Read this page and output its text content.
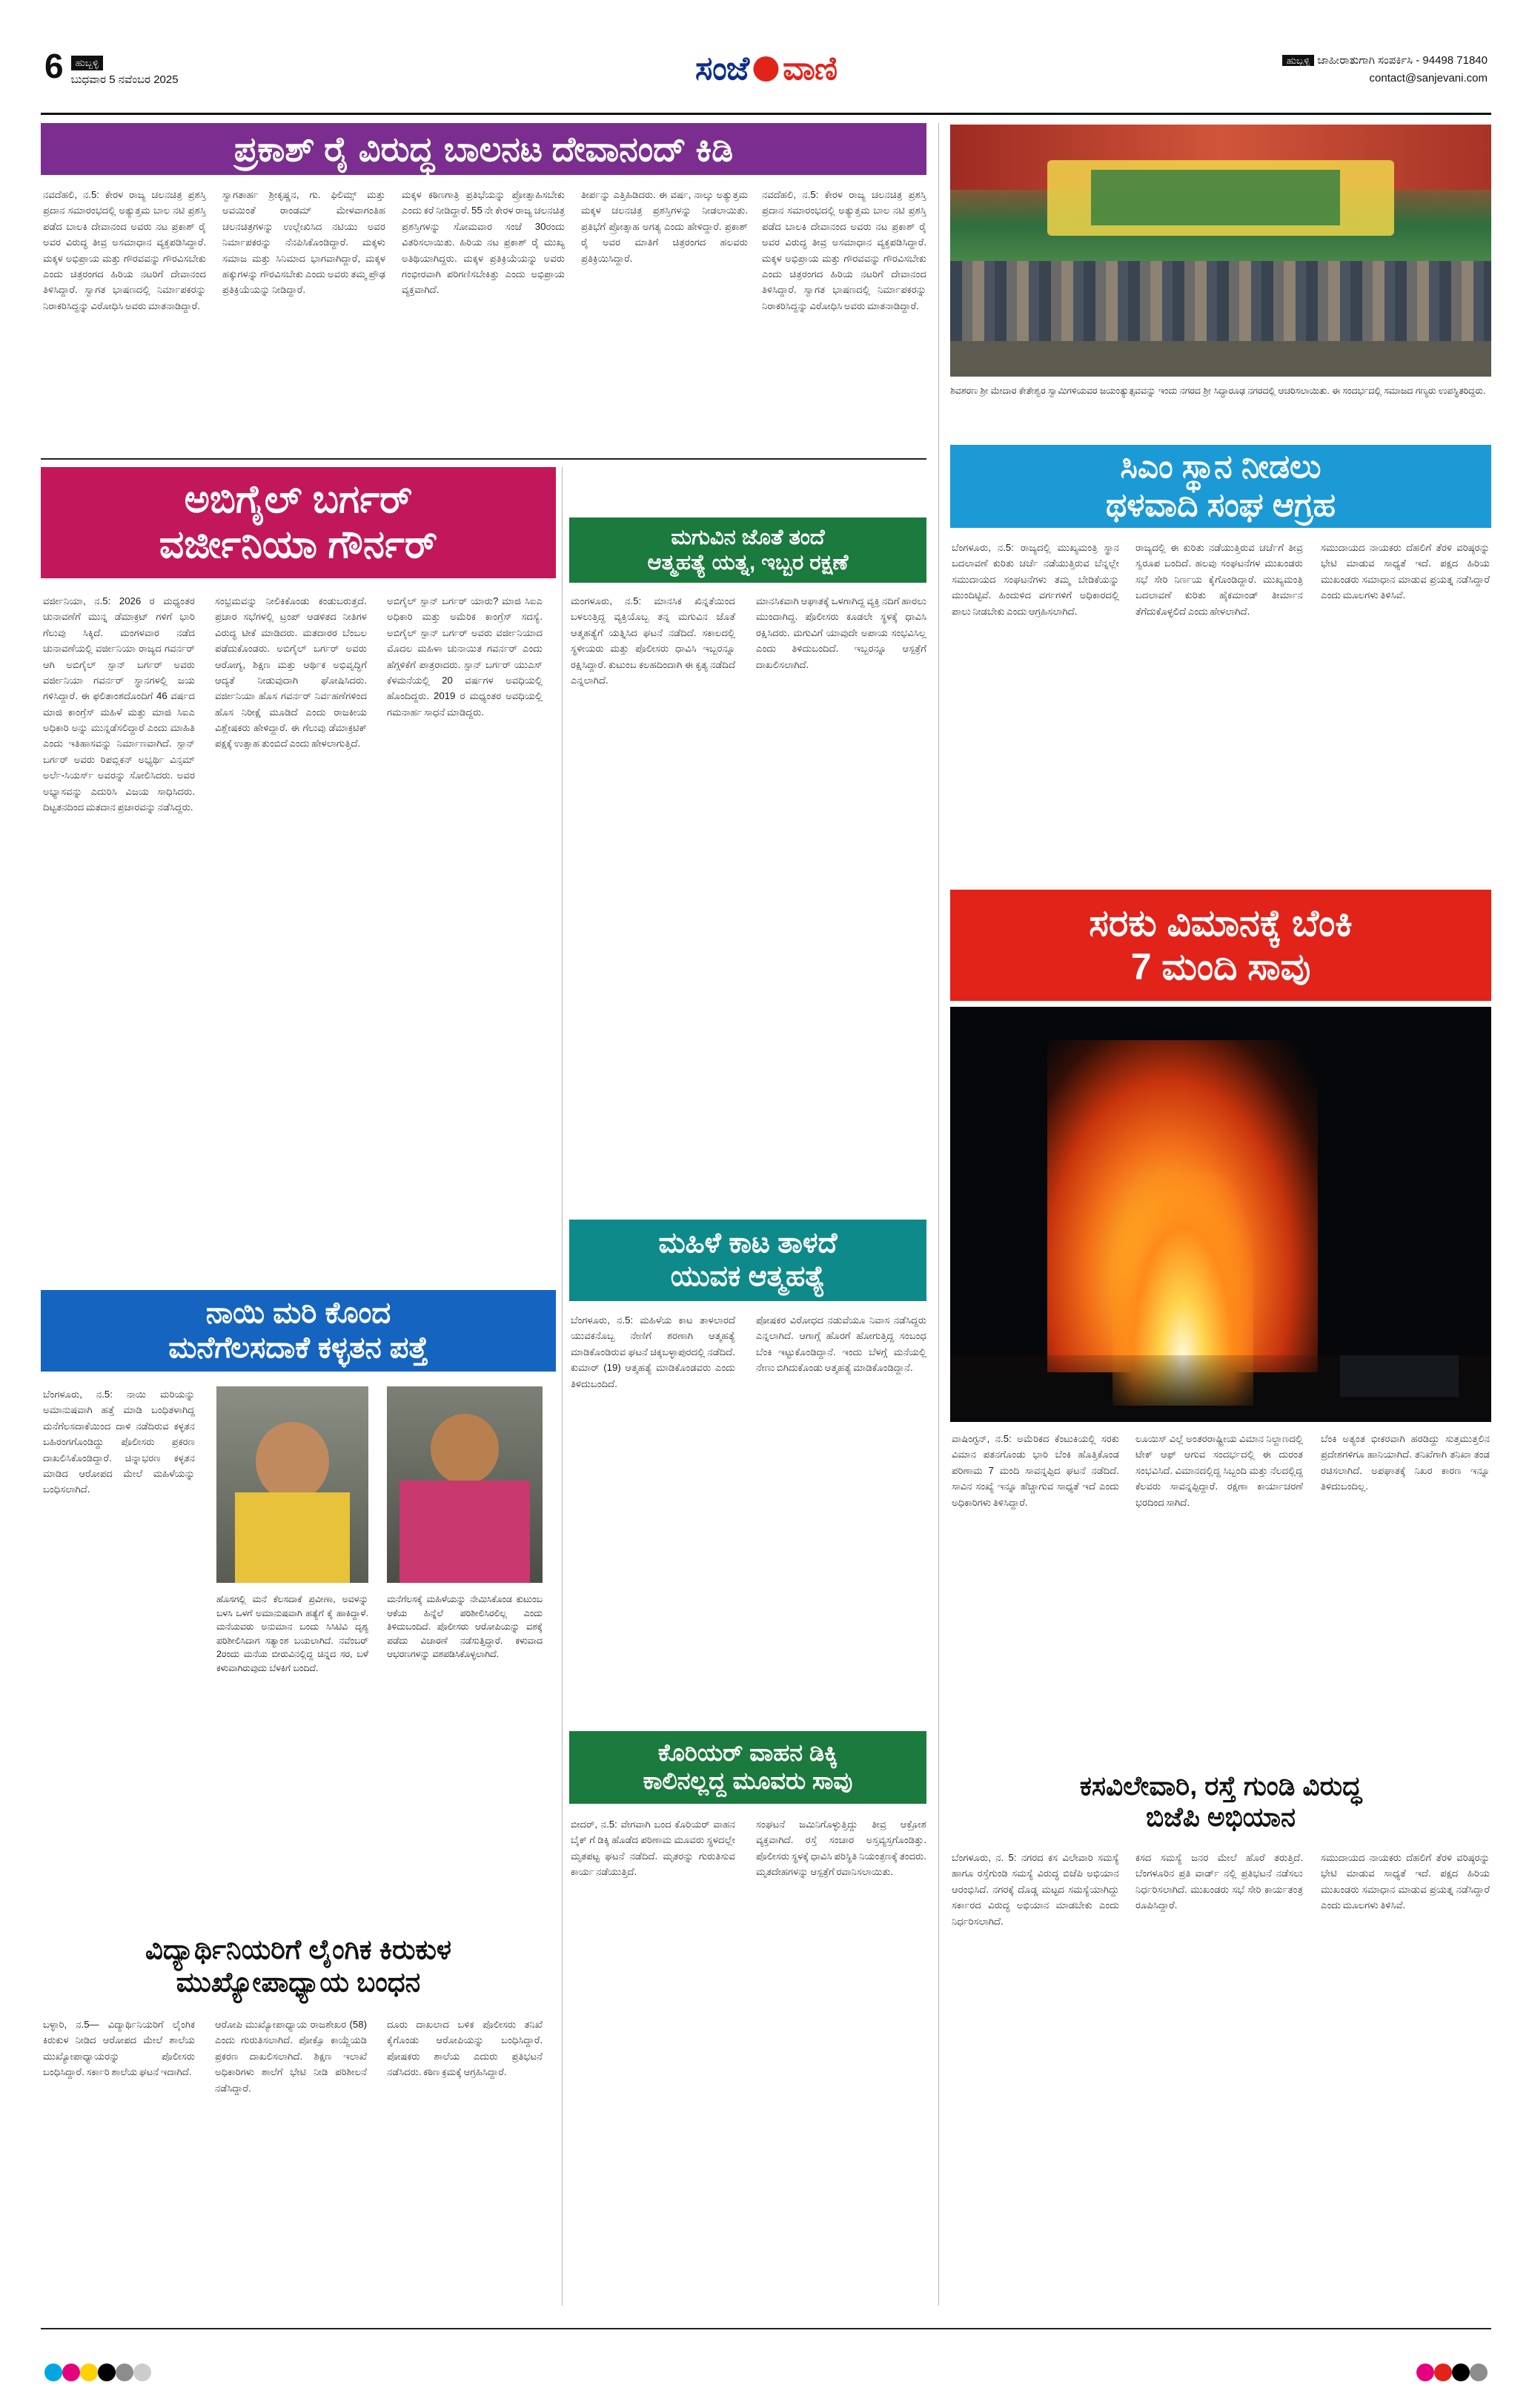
6	ಹುಬ್ಬಳ್ಳಿ
ಬುಧವಾರ 5 ನವೆಂಬರ 2025	ಸಂಜೆ ವಾಣಿ	ಹುಬ್ಬಳ್ಳಿ ಜಾಹೀರಾತುಗಾಗಿ ಸಂಪರ್ಕಿಸಿ - 94498 71840
contact@sanjevani.com
ಪ್ರಕಾಶ್ ರೈ ವಿರುದ್ಧ ಬಾಲನಟ ದೇವಾನಂದ್ ಕಿಡಿ
ನವದೆಹಲಿ, ನ.5: ಕೇರಳ ರಾಜ್ಯ ಚಲನಚಿತ್ರ ಪ್ರಶಸ್ತಿ ಪ್ರದಾನ ಸಮಾರಂಭದಲ್ಲಿ ಅತ್ಯುತ್ತಮ ಬಾಲ ನಟಿ ಪ್ರಶಸ್ತಿ ಪಡೆದ ಬಾಲಕಿ ದೇವಾನಂದ ಅವರು ನಟ ಪ್ರಕಾಶ್ ರೈ ಅವರ ವಿರುದ್ಧ ತೀವ್ರ ಅಸಮಾಧಾನ ವ್ಯಕ್ತಪಡಿಸಿದ್ದಾರೆ. ಮಕ್ಕಳ ಅಭಿಪ್ರಾಯ ಮತ್ತು ಗೌರವವನ್ನು ಗೌರವಿಸಬೇಕು ಎಂದು ಚಿತ್ರರಂಗದ ಹಿರಿಯ ನಟರಿಗೆ ದೇವಾನಂದ ತಿಳಿಸಿದ್ದಾರೆ. ಸ್ವಾಗತ ಭಾಷಣದಲ್ಲಿ ನಿರ್ಮಾಪಕರನ್ನು ನಿರಾಕರಿಸಿದ್ದನ್ನು ವಿರೋಧಿಸಿ ಅವರು ಮಾತನಾಡಿದ್ದಾರೆ.
ಸ್ವಾಗತಾರ್ಹ ಶ್ರೀಕೃಷ್ಣನ, ಗು. ಫಿಲಿಮ್ಸ್ ಮತ್ತು ಅವಯಿಂತೆ ರಾಂಡಮ್ ಮೇಳವಾಗಂತಿಹ ಚಲನಚಿತ್ರಗಳನ್ನು ಉಲ್ಲೇಖಿಸಿದ ನಟಿಯು ಅವರ ನಿರ್ಮಾಪಕರನ್ನು ನೆನಪಿಸಿಕೊಂಡಿದ್ದಾರೆ. ಮಕ್ಕಳು ಸಮಾಜ ಮತ್ತು ಸಿನಿಮಾದ ಭಾಗವಾಗಿದ್ದಾರೆ, ಮಕ್ಕಳ ಹಕ್ಕುಗಳನ್ನು ಗೌರವಿಸಬೇಕು ಎಂದು ಅವರು ತಮ್ಮ ಪ್ರೌಢ ಪ್ರತಿಕ್ರಿಯೆಯನ್ನು ನೀಡಿದ್ದಾರೆ.
ಮಕ್ಕಳ ಕಠಿಣಗಾತ್ರಿ ಪ್ರತಿಭೆಯನ್ನು ಪ್ರೋತ್ಸಾಹಿಸಬೇಕು ಎಂದು ಕರೆ ನೀಡಿದ್ದಾರೆ. 55 ನೇ ಕೇರಳ ರಾಜ್ಯ ಚಲನಚಿತ್ರ ಪ್ರಶಸ್ತಿಗಳನ್ನು ಸೋಮವಾರ ಸಂಜೆ 30ರಂದು ವಿತರಿಸಲಾಯಿತು. ಹಿರಿಯ ನಟ ಪ್ರಕಾಶ್ ರೈ ಮುಖ್ಯ ಅತಿಥಿಯಾಗಿದ್ದರು. ಮಕ್ಕಳ ಪ್ರತಿಕ್ರಿಯೆಯನ್ನು ಅವರು ಗಂಭೀರವಾಗಿ ಪರಿಗಣಿಸಬೇಕಿತ್ತು ಎಂದು ಅಭಿಪ್ರಾಯ ವ್ಯಕ್ತವಾಗಿದೆ.
ತೀರ್ಪನ್ನು ಎತ್ತಿಹಿಡಿದರು. ಈ ವರ್ಷ, ನಾಲ್ಕು ಅತ್ಯುತ್ತಮ ಮಕ್ಕಳ ಚಲನಚಿತ್ರ ಪ್ರಶಸ್ತಿಗಳನ್ನು ನೀಡಲಾಯಿತು. ಪ್ರತಿಭೆಗೆ ಪ್ರೋತ್ಸಾಹ ಅಗತ್ಯ ಎಂದು ಹೇಳಿದ್ದಾರೆ. ಪ್ರಕಾಶ್ ರೈ ಅವರ ಮಾತಿಗೆ ಚಿತ್ರರಂಗದ ಹಲವರು ಪ್ರತಿಕ್ರಿಯಿಸಿದ್ದಾರೆ.
ನವದೆಹಲಿ, ನ.5: ಕೇರಳ ರಾಜ್ಯ ಚಲನಚಿತ್ರ ಪ್ರಶಸ್ತಿ ಪ್ರದಾನ ಸಮಾರಂಭದಲ್ಲಿ ಅತ್ಯುತ್ತಮ ಬಾಲ ನಟಿ ಪ್ರಶಸ್ತಿ ಪಡೆದ ಬಾಲಕಿ ದೇವಾನಂದ ಅವರು ನಟ ಪ್ರಕಾಶ್ ರೈ ಅವರ ವಿರುದ್ಧ ತೀವ್ರ ಅಸಮಾಧಾನ ವ್ಯಕ್ತಪಡಿಸಿದ್ದಾರೆ. ಮಕ್ಕಳ ಅಭಿಪ್ರಾಯ ಮತ್ತು ಗೌರವವನ್ನು ಗೌರವಿಸಬೇಕು ಎಂದು ಚಿತ್ರರಂಗದ ಹಿರಿಯ ನಟರಿಗೆ ದೇವಾನಂದ ತಿಳಿಸಿದ್ದಾರೆ. ಸ್ವಾಗತ ಭಾಷಣದಲ್ಲಿ ನಿರ್ಮಾಪಕರನ್ನು ನಿರಾಕರಿಸಿದ್ದನ್ನು ವಿರೋಧಿಸಿ ಅವರು ಮಾತನಾಡಿದ್ದಾರೆ.
ಶಿವಶರಣ ಶ್ರೀ ಮೇದಾರ ಕೇತೇಶ್ವರ ಸ್ವಾಮಿಗಳಿಯವರ ಜಯಂತ್ಯುತ್ಸವವನ್ನು ಇಂದು ನಗರದ ಶ್ರೀ ಸಿದ್ಧಾರೂಢ ನಗರದಲ್ಲಿ ಆಚರಿಸಲಾಯಿತು. ಈ ಸಂದರ್ಭದಲ್ಲಿ ಸಮಾಜದ ಗಣ್ಯರು ಉಪಸ್ಥಿತರಿದ್ದರು.
ಅಬಿಗೈಲ್ ಬರ್ಗರ್
ವರ್ಜೀನಿಯಾ ಗೌರ್ನರ್
ವರ್ಜೀನಿಯಾ, ನ.5: 2026 ರ ಮಧ್ಯಂತರ ಚುನಾವಣೆಗೆ ಮುನ್ನ ಡೆಮಾಕ್ರಟ್ ಗಳಿಗೆ ಭಾರಿ ಗೆಲುವು ಸಿಕ್ಕಿದೆ. ಮಂಗಳವಾರ ನಡೆದ ಚುನಾವಣೆಯಲ್ಲಿ ವರ್ಜೀನಿಯಾ ರಾಜ್ಯದ ಗವರ್ನರ್ ಆಗಿ ಅಬಿಗೈಲ್ ಸ್ಪಾನ್ ಬರ್ಗರ್ ಅವರು ವರ್ಜೀನಿಯಾ ಗವರ್ನರ್ ಸ್ಥಾನಗಳಲ್ಲಿ ಜಯ ಗಳಿಸಿದ್ದಾರೆ. ಈ ಫಲಿತಾಂಶದೊಂದಿಗೆ 46 ವರ್ಷದ ಮಾಜಿ ಕಾಂಗ್ರೆಸ್ ಮಹಿಳೆ ಮತ್ತು ಮಾಜಿ ಸಿಐಎ ಅಧಿಕಾರಿ ಅನ್ನು ಮುನ್ನಡೆಸಲಿದ್ದಾರೆ ಎಂದು ಮಾಹಿತಿ ಎಂದು ಇತಿಹಾಸವನ್ನು ನಿರ್ಮಾಣವಾಗಿದೆ. ಸ್ಪಾನ್ ಬರ್ಗರ್ ಅವರು ರಿಪಬ್ಲಿಕನ್ ಅಭ್ಯರ್ಥಿ ವಿನ್ಸಮ್ ಅರ್ಲೆ-ಸಿಯರ್ಸ್ ಅವರನ್ನು ಸೋಲಿಸಿದರು. ಅವರ ಅಭ್ಯಾಸವನ್ನು ಎದುರಿಸಿ ವಿಜಯ ಸಾಧಿಸಿದರು. ದಿಟ್ಟತನದಿಂದ ಮತದಾನ ಪ್ರಚಾರವನ್ನು ನಡೆಸಿದ್ದರು.
ಸಂಭ್ರಮವನ್ನು ನೀಲಿಕಿಕೊಂಡು ಕಂಡುಬರುತ್ತದೆ. ಪ್ರಚಾರ ಸಭೆಗಳಲ್ಲಿ ಟ್ರಂಪ್ ಆಡಳಿತದ ನೀತಿಗಳ ವಿರುದ್ಧ ಟೀಕೆ ಮಾಡಿದರು. ಮತದಾರರ ಬೆಂಬಲ ಪಡೆದುಕೊಂಡರು. ಅಬಿಗೈಲ್ ಬರ್ಗರ್ ಅವರು ಆರೋಗ್ಯ, ಶಿಕ್ಷಣ ಮತ್ತು ಆರ್ಥಿಕ ಅಭಿವೃದ್ಧಿಗೆ ಆದ್ಯತೆ ನೀಡುವುದಾಗಿ ಘೋಷಿಸಿದರು. ವರ್ಜೀನಿಯಾ ಹೊಸ ಗವರ್ನರ್ ನಿರ್ವಹಣೆಗಳಿಂದ ಹೊಸ ನಿರೀಕ್ಷೆ ಮೂಡಿದೆ ಎಂದು ರಾಜಕೀಯ ವಿಶ್ಲೇಷಕರು ಹೇಳಿದ್ದಾರೆ. ಈ ಗೆಲುವು ಡೆಮಾಕ್ರಟಿಕ್ ಪಕ್ಷಕ್ಕೆ ಉತ್ಸಾಹ ತುಂಬಿದೆ ಎಂದು ಹೇಳಲಾಗುತ್ತಿದೆ.
ಅಬಿಗೈಲ್ ಸ್ಪಾನ್ ಬರ್ಗರ್ ಯಾರು? ಮಾಜಿ ಸಿಐಎ ಅಧಿಕಾರಿ ಮತ್ತು ಅಮೆರಿಕ ಕಾಂಗ್ರೆಸ್ ಸದಸ್ಯೆ. ಅಬಿಗೈಲ್ ಸ್ಪಾನ್ ಬರ್ಗರ್ ಅವರು ವರ್ಜೀನಿಯಾದ ಮೊದಲ ಮಹಿಳಾ ಚುನಾಯಿತ ಗವರ್ನರ್ ಎಂದು ಹೆಗ್ಗಳಿಕೆಗೆ ಪಾತ್ರರಾದರು. ಸ್ಪಾನ್ ಬರ್ಗರ್ ಯುಎಸ್ ಕೆಳಮನೆಯಲ್ಲಿ 20 ವರ್ಷಗಳ ಅವಧಿಯಲ್ಲಿ ಹೊಂದಿದ್ದರು. 2019 ರ ಮಧ್ಯಂತರ ಅವಧಿಯಲ್ಲಿ ಗಮನಾರ್ಹ ಸಾಧನೆ ಮಾಡಿದ್ದರು.
ಮಗುವಿನ ಜೊತೆ ತಂದೆ
ಆತ್ಮಹತ್ಯೆ ಯತ್ನ, ಇಬ್ಬರ ರಕ್ಷಣೆ
ಮಂಗಳೂರು, ನ.5: ಮಾನಸಿಕ ಖಿನ್ನತೆಯಿಂದ ಬಳಲುತ್ತಿದ್ದ ವ್ಯಕ್ತಿಯೊಬ್ಬ ತನ್ನ ಮಗುವಿನ ಜೊತೆ ಆತ್ಮಹತ್ಯೆಗೆ ಯತ್ನಿಸಿದ ಘಟನೆ ನಡೆದಿದೆ. ಸಕಾಲದಲ್ಲಿ ಸ್ಥಳೀಯರು ಮತ್ತು ಪೊಲೀಸರು ಧಾವಿಸಿ ಇಬ್ಬರನ್ನೂ ರಕ್ಷಿಸಿದ್ದಾರೆ. ಕುಟುಂಬ ಕಲಹದಿಂದಾಗಿ ಈ ಕೃತ್ಯ ನಡೆದಿದೆ ಎನ್ನಲಾಗಿದೆ.
ಮಾನಸಿಕವಾಗಿ ಆಘಾತಕ್ಕೆ ಒಳಗಾಗಿದ್ದ ವ್ಯಕ್ತಿ ನದಿಗೆ ಹಾರಲು ಮುಂದಾಗಿದ್ದ. ಪೊಲೀಸರು ಕೂಡಲೇ ಸ್ಥಳಕ್ಕೆ ಧಾವಿಸಿ ರಕ್ಷಿಸಿದರು. ಮಗುವಿಗೆ ಯಾವುದೇ ಅಪಾಯ ಸಂಭವಿಸಿಲ್ಲ ಎಂದು ತಿಳಿದುಬಂದಿದೆ. ಇಬ್ಬರನ್ನೂ ಆಸ್ಪತ್ರೆಗೆ ದಾಖಲಿಸಲಾಗಿದೆ.
ಸಿಎಂ ಸ್ಥಾನ ನೀಡಲು
ಥಳವಾದಿ ಸಂಘ ಆಗ್ರಹ
ಬೆಂಗಳೂರು, ನ.5: ರಾಜ್ಯದಲ್ಲಿ ಮುಖ್ಯಮಂತ್ರಿ ಸ್ಥಾನ ಬದಲಾವಣೆ ಕುರಿತು ಚರ್ಚೆ ನಡೆಯುತ್ತಿರುವ ಬೆನ್ನಲ್ಲೇ ಸಮುದಾಯದ ಸಂಘಟನೆಗಳು ತಮ್ಮ ಬೇಡಿಕೆಯನ್ನು ಮುಂದಿಟ್ಟಿವೆ. ಹಿಂದುಳಿದ ವರ್ಗಗಳಿಗೆ ಅಧಿಕಾರದಲ್ಲಿ ಪಾಲು ನೀಡಬೇಕು ಎಂದು ಆಗ್ರಹಿಸಲಾಗಿದೆ.
ರಾಜ್ಯದಲ್ಲಿ ಈ ಕುರಿತು ನಡೆಯುತ್ತಿರುವ ಚರ್ಚೆಗೆ ತೀವ್ರ ಸ್ವರೂಪ ಬಂದಿದೆ. ಹಲವು ಸಂಘಟನೆಗಳ ಮುಖಂಡರು ಸಭೆ ಸೇರಿ ನಿರ್ಣಯ ಕೈಗೊಂಡಿದ್ದಾರೆ. ಮುಖ್ಯಮಂತ್ರಿ ಬದಲಾವಣೆ ಕುರಿತು ಹೈಕಮಾಂಡ್ ತೀರ್ಮಾನ ತೆಗೆದುಕೊಳ್ಳಲಿದೆ ಎಂದು ಹೇಳಲಾಗಿದೆ.
ಸಮುದಾಯದ ನಾಯಕರು ದೆಹಲಿಗೆ ತೆರಳಿ ವರಿಷ್ಠರನ್ನು ಭೇಟಿ ಮಾಡುವ ಸಾಧ್ಯತೆ ಇದೆ. ಪಕ್ಷದ ಹಿರಿಯ ಮುಖಂಡರು ಸಮಾಧಾನ ಮಾಡುವ ಪ್ರಯತ್ನ ನಡೆಸಿದ್ದಾರೆ ಎಂದು ಮೂಲಗಳು ತಿಳಿಸಿವೆ.
ಸರಕು ವಿಮಾನಕ್ಕೆ ಬೆಂಕಿ
7 ಮಂದಿ ಸಾವು
ವಾಷಿಂಗ್ಟನ್, ನ.5: ಅಮೆರಿಕದ ಕೆಂಟುಕಿಯಲ್ಲಿ ಸರಕು ವಿಮಾನ ಪತನಗೊಂಡು ಭಾರಿ ಬೆಂಕಿ ಹೊತ್ತಿಕೊಂಡ ಪರಿಣಾಮ 7 ಮಂದಿ ಸಾವನ್ನಪ್ಪಿದ ಘಟನೆ ನಡೆದಿದೆ. ಸಾವಿನ ಸಂಖ್ಯೆ ಇನ್ನೂ ಹೆಚ್ಚಾಗುವ ಸಾಧ್ಯತೆ ಇದೆ ಎಂದು ಅಧಿಕಾರಿಗಳು ತಿಳಿಸಿದ್ದಾರೆ.
ಲೂಯಿಸ್ ವಿಲ್ಲೆ ಅಂತರರಾಷ್ಟ್ರೀಯ ವಿಮಾನ ನಿಲ್ದಾಣದಲ್ಲಿ ಟೇಕ್ ಆಫ್ ಆಗುವ ಸಂದರ್ಭದಲ್ಲಿ ಈ ದುರಂತ ಸಂಭವಿಸಿದೆ. ವಿಮಾನದಲ್ಲಿದ್ದ ಸಿಬ್ಬಂದಿ ಮತ್ತು ನೆಲದಲ್ಲಿದ್ದ ಕೆಲವರು ಸಾವನ್ನಪ್ಪಿದ್ದಾರೆ. ರಕ್ಷಣಾ ಕಾರ್ಯಾಚರಣೆ ಭರದಿಂದ ಸಾಗಿದೆ.
ಬೆಂಕಿ ಅತ್ಯಂತ ಭೀಕರವಾಗಿ ಹರಡಿದ್ದು ಸುತ್ತಮುತ್ತಲಿನ ಪ್ರದೇಶಗಳಿಗೂ ಹಾನಿಯಾಗಿದೆ. ತನಿಖೆಗಾಗಿ ತನಿಖಾ ತಂಡ ರಚಿಸಲಾಗಿದೆ. ಅಪಘಾತಕ್ಕೆ ನಿಖರ ಕಾರಣ ಇನ್ನೂ ತಿಳಿದುಬಂದಿಲ್ಲ.
ಮಹಿಳೆ ಕಾಟ ತಾಳದೆ
ಯುವಕ ಆತ್ಮಹತ್ಯೆ
ಬೆಂಗಳೂರು, ನ.5: ಮಹಿಳೆಯ ಕಾಟ ತಾಳಲಾರದೆ ಯುವಕನೊಬ್ಬ ನೇಣಿಗೆ ಶರಣಾಗಿ ಆತ್ಮಹತ್ಯೆ ಮಾಡಿಕೊಂಡಿರುವ ಘಟನೆ ಚಿಕ್ಕಬಳ್ಳಾಪುರದಲ್ಲಿ ನಡೆದಿದೆ. ಕುಮಾರ್ (19) ಆತ್ಮಹತ್ಯೆ ಮಾಡಿಕೊಂಡವರು ಎಂದು ತಿಳಿದುಬಂದಿದೆ.
ಪೋಷಕರ ವಿರೋಧದ ನಡುವೆಯೂ ನಿವಾಸ ನಡೆಸಿದ್ದರು ಎನ್ನಲಾಗಿದೆ. ಆಗಾಗ್ಗೆ ಹೊರಗೆ ಹೋಗುತ್ತಿದ್ದ ಸಂಬಂಧ ಬೆಂಕಿ ಇಟ್ಟುಕೊಂಡಿದ್ದಾನೆ. ಇಂದು ಬೆಳಗ್ಗೆ ಮನೆಯಲ್ಲಿ ನೇಣು ಬಿಗಿದುಕೊಂಡು ಆತ್ಮಹತ್ಯೆ ಮಾಡಿಕೊಂಡಿದ್ದಾನೆ.
ನಾಯಿ ಮರಿ ಕೊಂದ
ಮನೆಗೆಲಸದಾಕೆ ಕಳ್ಳತನ ಪತ್ತೆ
ಬೆಂಗಳೂರು, ನ.5: ನಾಯಿ ಮರಿಯನ್ನು ಅಮಾನುಷವಾಗಿ ಹತ್ತೆ ಮಾಡಿ ಬಂಧಿತಳಾಗಿದ್ದ ಮನೆಗೆಲಸದಾಕೆಯಿಂದ ದಾಳಿ ನಡೆದಿರುವ ಕಳ್ಳತನ ಬಹಿರಂಗಗೊಂಡಿದ್ದು ಪೊಲೀಸರು ಪ್ರಕರಣ ದಾಖಲಿಸಿಕೊಂಡಿದ್ದಾರೆ. ಚಿನ್ನಾಭರಣ ಕಳ್ಳತನ ಮಾಡಿದ ಆರೋಪದ ಮೇಲೆ ಮಹಿಳೆಯನ್ನು ಬಂಧಿಸಲಾಗಿದೆ.
ಹೊಸಗಲ್ಲಿ ಮನೆ ಕೆಲಸದಾಕೆ ಪ್ರವೀಣಾ, ಅವಳನ್ನು ಬಳಸಿ ಒಳಗೆ ಅಮಾನುಷವಾಗಿ ಹತ್ಯೆಗೆ ಕೈ ಹಾಕಿದ್ದಾಳೆ. ಮನೆಯವರು ಅನುಮಾನ ಬಂದು ಸಿಸಿಟಿವಿ ದೃಶ್ಯ ಪರಿಶೀಲಿಸಿದಾಗ ಸತ್ಯಾಂಶ ಬಯಲಾಗಿದೆ. ನವೆಂಬರ್ 2ರಂದು ಮನೆಯ ಬೀರುವಿನಲ್ಲಿದ್ದ ಚಿನ್ನದ ಸರ, ಬಳೆ ಕಳುವಾಗಿರುವುದು ಬೆಳಕಿಗೆ ಬಂದಿದೆ.
ಮನೆಗೆಲಸಕ್ಕೆ ಮಹಿಳೆಯನ್ನು ನೇಮಿಸಿಕೊಂಡ ಕುಟುಂಬ ಆಕೆಯ ಹಿನ್ನೆಲೆ ಪರಿಶೀಲಿಸಿರಲಿಲ್ಲ ಎಂದು ತಿಳಿದುಬಂದಿದೆ. ಪೊಲೀಸರು ಆರೋಪಿಯನ್ನು ವಶಕ್ಕೆ ಪಡೆದು ವಿಚಾರಣೆ ನಡೆಸುತ್ತಿದ್ದಾರೆ. ಕಳುವಾದ ಆಭರಣಗಳನ್ನು ವಶಪಡಿಸಿಕೊಳ್ಳಲಾಗಿದೆ.
ಕೊರಿಯರ್ ವಾಹನ ಡಿಕ್ಕಿ
ಕಾಲಿನಲ್ಲದ್ದ ಮೂವರು ಸಾವು
ಬೀದರ್, ನ.5: ವೇಗವಾಗಿ ಬಂದ ಕೊರಿಯರ್ ವಾಹನ ಬೈಕ್ ಗೆ ಡಿಕ್ಕಿ ಹೊಡೆದ ಪರಿಣಾಮ ಮೂವರು ಸ್ಥಳದಲ್ಲೇ ಮೃತಪಟ್ಟ ಘಟನೆ ನಡೆದಿದೆ. ಮೃತರನ್ನು ಗುರುತಿಸುವ ಕಾರ್ಯ ನಡೆಯುತ್ತಿದೆ.
ಸಂಘಟನೆ ಜಮಿನಿಗೊಳ್ಳುತ್ತಿದ್ದು ತೀವ್ರ ಆಕ್ರೋಶ ವ್ಯಕ್ತವಾಗಿದೆ. ರಸ್ತೆ ಸಂಚಾರ ಅಸ್ತವ್ಯಸ್ತಗೊಂಡಿತ್ತು. ಪೊಲೀಸರು ಸ್ಥಳಕ್ಕೆ ಧಾವಿಸಿ ಪರಿಸ್ಥಿತಿ ನಿಯಂತ್ರಣಕ್ಕೆ ತಂದರು. ಮೃತದೇಹಗಳನ್ನು ಆಸ್ಪತ್ರೆಗೆ ರವಾನಿಸಲಾಯಿತು.
ಕಸವಿಲೇವಾರಿ, ರಸ್ತೆ ಗುಂಡಿ ವಿರುದ್ಧ
ಬಿಜೆಪಿ ಅಭಿಯಾನ
ಬೆಂಗಳೂರು, ನ. 5: ನಗರದ ಕಸ ವಿಲೇವಾರಿ ಸಮಸ್ಯೆ ಹಾಗೂ ರಸ್ತೆಗುಂಡಿ ಸಮಸ್ಯೆ ವಿರುದ್ಧ ಬಿಜೆಪಿ ಅಭಿಯಾನ ಆರಂಭಿಸಿದೆ. ನಗರಕ್ಕೆ ದೊಡ್ಡ ಮಟ್ಟದ ಸಮಸ್ಯೆಯಾಗಿದ್ದು ಸರ್ಕಾರದ ವಿರುದ್ಧ ಅಭಿಯಾನ ಮಾಡಬೇಕು ಎಂದು ನಿರ್ಧರಿಸಲಾಗಿದೆ.
ಕಸದ ಸಮಸ್ಯೆ ಜನರ ಮೇಲೆ ಹೊರೆ ತರುತ್ತಿದೆ. ಬೆಂಗಳೂರಿನ ಪ್ರತಿ ವಾರ್ಡ್ ನಲ್ಲಿ ಪ್ರತಿಭಟನೆ ನಡೆಸಲು ನಿರ್ಧರಿಸಲಾಗಿದೆ. ಮುಖಂಡರು ಸಭೆ ಸೇರಿ ಕಾರ್ಯತಂತ್ರ ರೂಪಿಸಿದ್ದಾರೆ.
ಸಮುದಾಯದ ನಾಯಕರು ದೆಹಲಿಗೆ ತೆರಳಿ ವರಿಷ್ಠರನ್ನು ಭೇಟಿ ಮಾಡುವ ಸಾಧ್ಯತೆ ಇದೆ. ಪಕ್ಷದ ಹಿರಿಯ ಮುಖಂಡರು ಸಮಾಧಾನ ಮಾಡುವ ಪ್ರಯತ್ನ ನಡೆಸಿದ್ದಾರೆ ಎಂದು ಮೂಲಗಳು ತಿಳಿಸಿವೆ.
ವಿದ್ಯಾರ್ಥಿನಿಯರಿಗೆ ಲೈಂಗಿಕ ಕಿರುಕುಳ
ಮುಖ್ಯೋಪಾಧ್ಯಾಯ ಬಂಧನ
ಬಳ್ಳಾರಿ, ನ.5— ವಿದ್ಯಾರ್ಥಿನಿಯರಿಗೆ ಲೈಂಗಿಕ ಕಿರುಕುಳ ನೀಡಿದ ಆರೋಪದ ಮೇಲೆ ಶಾಲೆಯ ಮುಖ್ಯೋಪಾಧ್ಯಾಯರನ್ನು ಪೊಲೀಸರು ಬಂಧಿಸಿದ್ದಾರೆ. ಸರ್ಕಾರಿ ಶಾಲೆಯ ಘಟನೆ ಇದಾಗಿದೆ.
ಆರೋಪಿ ಮುಖ್ಯೋಪಾಧ್ಯಾಯ ರಾಜಶೇಖರ (58) ಎಂದು ಗುರುತಿಸಲಾಗಿದೆ. ಪೋಕ್ಸೊ ಕಾಯ್ದೆಯಡಿ ಪ್ರಕರಣ ದಾಖಲಿಸಲಾಗಿದೆ. ಶಿಕ್ಷಣ ಇಲಾಖೆ ಅಧಿಕಾರಿಗಳು ಶಾಲೆಗೆ ಭೇಟಿ ನೀಡಿ ಪರಿಶೀಲನೆ ನಡೆಸಿದ್ದಾರೆ.
ದೂರು ದಾಖಲಾದ ಬಳಿಕ ಪೊಲೀಸರು ತನಿಖೆ ಕೈಗೊಂಡು ಆರೋಪಿಯನ್ನು ಬಂಧಿಸಿದ್ದಾರೆ. ಪೋಷಕರು ಶಾಲೆಯ ಎದುರು ಪ್ರತಿಭಟನೆ ನಡೆಸಿದರು. ಕಠಿಣ ಕ್ರಮಕ್ಕೆ ಆಗ್ರಹಿಸಿದ್ದಾರೆ.
